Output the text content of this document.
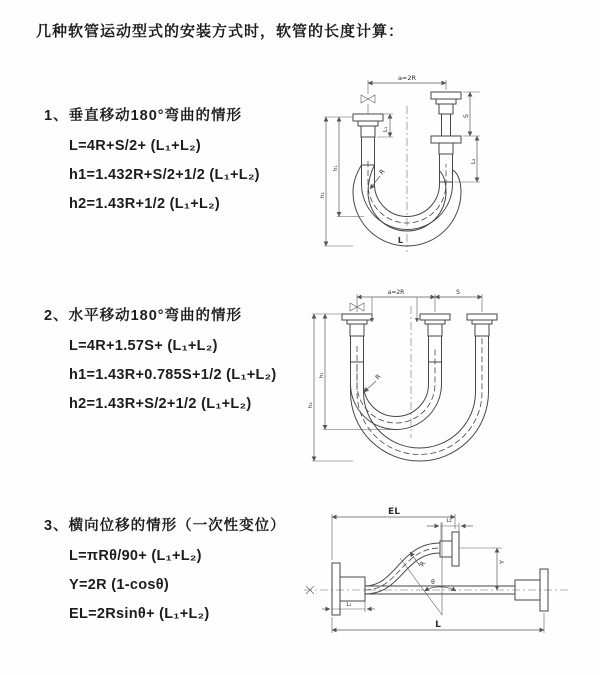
几种软管运动型式的安装方式时，软管的长度计算：
1、垂直移动180°弯曲的情形
L=4R+S/2+ (L₁+L₂)
h1=1.432R+S/2+1/2 (L₁+L₂)
h2=1.43R+1/2 (L₁+L₂)
a=2R
L₁
R
h₁
h₂
S
L₂
L
2、水平移动180°弯曲的情形
L=4R+1.57S+ (L₁+L₂)
h1=1.43R+0.785S+1/2 (L₁+L₂)
h2=1.43R+S/2+1/2 (L₁+L₂)
a=2R	S
R
h₁
h₂
3、横向位移的情形（一次性变位）
L=πRθ/90+ (L₁+L₂)
Y=2R (1-cosθ)
EL=2Rsinθ+ (L₁+L₂)
EL
L₂
Y
θ
R
L₁
L
